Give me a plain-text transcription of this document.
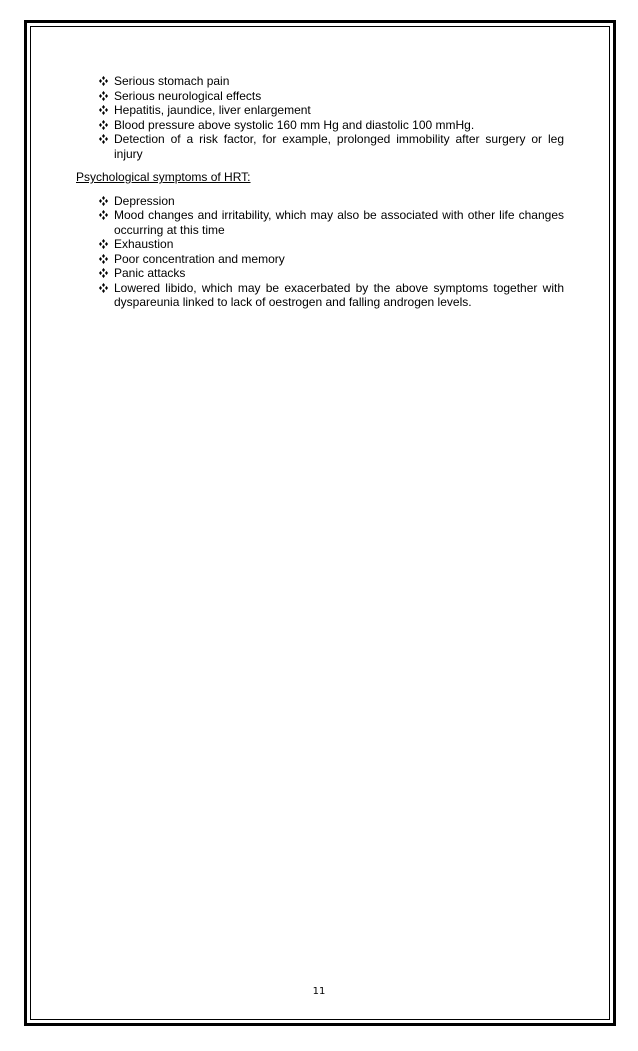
Serious stomach pain
Serious neurological effects
Hepatitis, jaundice, liver enlargement
Blood pressure above systolic 160 mm Hg and diastolic 100 mmHg.
Detection of a risk factor, for example, prolonged immobility after surgery or leg injury
Psychological symptoms of HRT:
Depression
Mood changes and irritability, which may also be associated with other life changes occurring at this time
Exhaustion
Poor concentration and memory
Panic attacks
Lowered libido, which may be exacerbated by the above symptoms together with dyspareunia linked to lack of oestrogen and falling androgen levels.
11
